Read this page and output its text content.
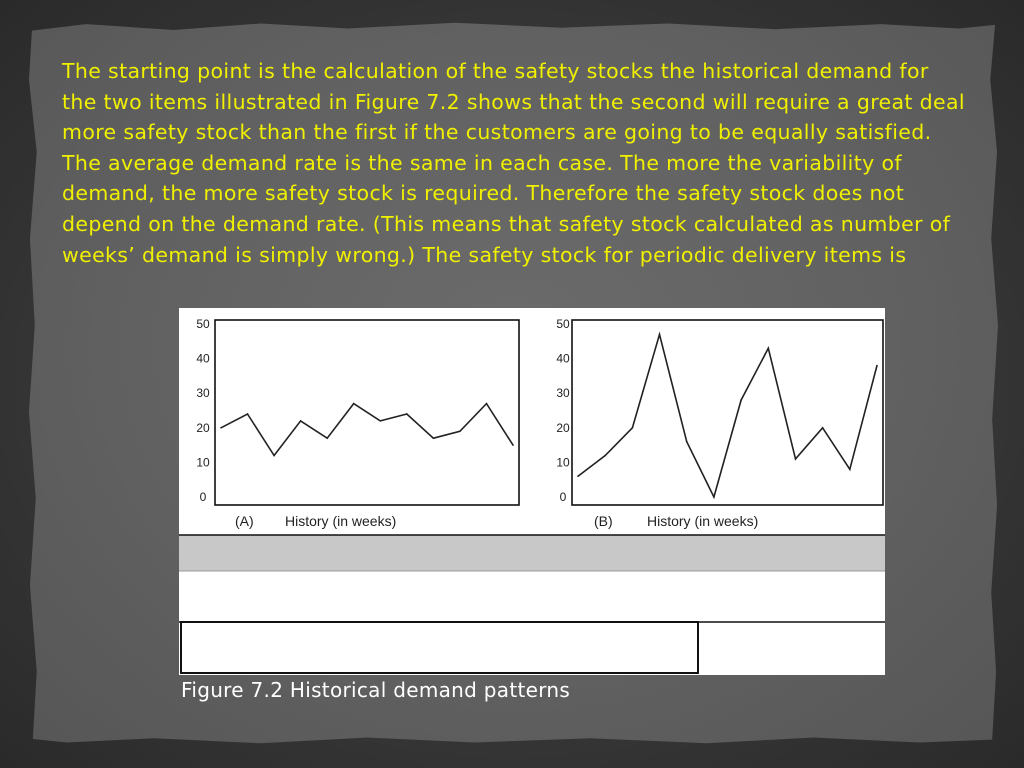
The starting point is the calculation of the safety stocks the historical demand for the two items illustrated in Figure 7.2 shows that the second will require a great deal more safety stock than the first if the customers are going to be equally satisfied. The average demand rate is the same in each case. The more the variability of demand, the more safety stock is required. Therefore the safety stock does not depend on the demand rate. (This means that safety stock calculated as number of weeks’ demand is simply wrong.) The safety stock for periodic delivery items is

0
10
20
30
40
50
(A) History (in weeks)
0
10
20
30
40
50
(B) History (in weeks)
Figure 7.2 Historical demand patterns
